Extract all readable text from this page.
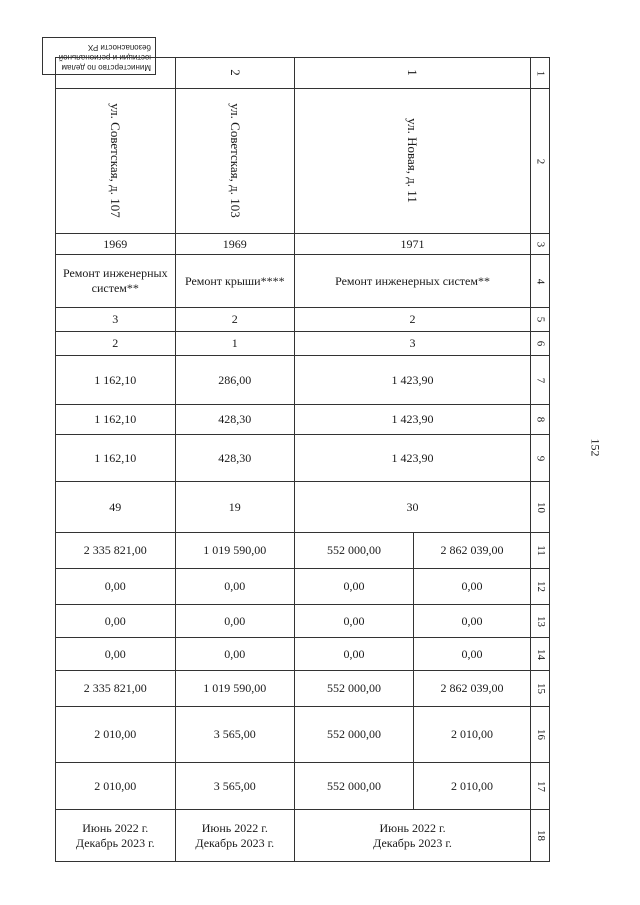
152
Министерство по делам
юстиции и региональной
безопасности РХ
	2	1		1
ул. Советская, д. 107	ул. Советская, д. 103	ул. Новая, д. 11		2
1969	1969	1971		3
Ремонт инженерных систем**	Ремонт крыши****	Ремонт инженерных систем**		4
3	2	2		5
2	1	3		6
1 162,10	286,00	1 423,90		7
1 162,10	428,30	1 423,90		8
1 162,10	428,30	1 423,90		9
49	19	30		10
2 335 821,00	1 019 590,00	552 000,00	2 862 039,00	11
0,00	0,00	0,00	0,00	12
0,00	0,00	0,00	0,00	13
0,00	0,00	0,00	0,00	14
2 335 821,00	1 019 590,00	552 000,00	2 862 039,00	15
2 010,00	3 565,00	552 000,00	2 010,00	16
2 010,00	3 565,00	552 000,00	2 010,00	17
Июнь 2022 г.
Декабрь 2023 г.	Июнь 2022 г.
Декабрь 2023 г.	Июнь 2022 г.
Декабрь 2023 г.		18
